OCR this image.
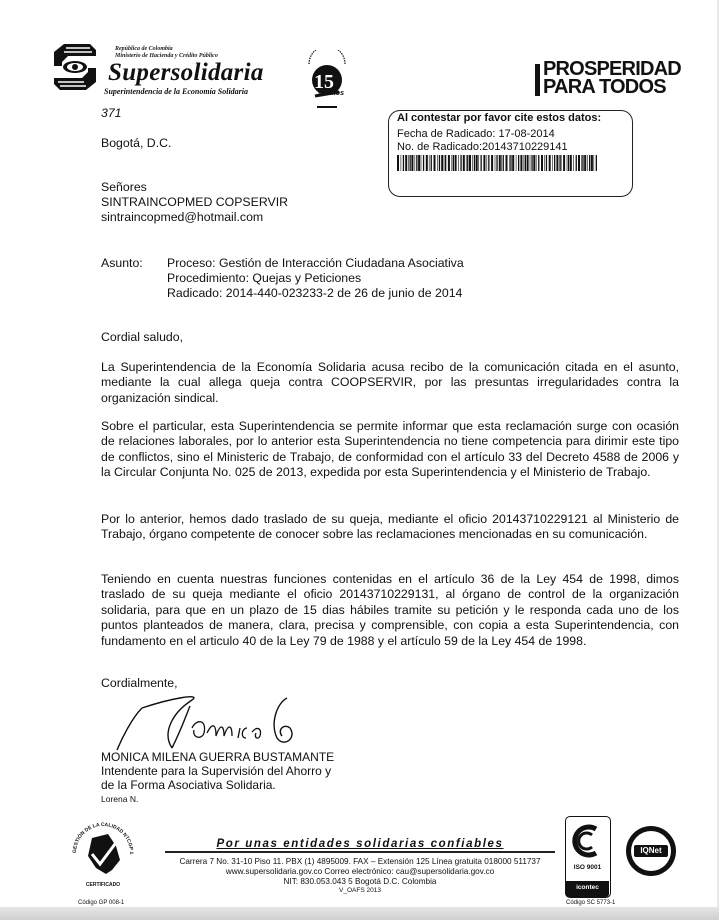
República de Colombia
Ministerio de Hacienda y Crédito Público
Supersolidaria
Superintendencia de la Economía Solidaria	15
15 Años
371
PROSPERIDAD
PARA TODOS
Al contestar por favor cite estos datos:
Fecha de Radicado: 17-08-2014
No. de Radicado:20143710229141
Bogotá, D.C.
Señores
SINTRAINCOPMED COPSERVIR
sintraincopmed@hotmail.com
Asunto: Proceso: Gestión de Interacción Ciudadana Asociativa
Procedimiento: Quejas y Peticiones
Radicado: 2014-440-023233-2 de 26 de junio de 2014
Cordial saludo,
La Superintendencia de la Economía Solidaria acusa recibo de la comunicación citada en el asunto, mediante la cual allega queja contra COOPSERVIR, por las presuntas irregularidades contra la organización sindical.
Sobre el particular, esta Superintendencia se permite informar que esta reclamación surge con ocasión de relaciones laborales, por lo anterior esta Superintendencia no tiene competencia para dirimir este tipo de conflictos, sino el Ministeric de Trabajo, de conformidad con el artículo 33 del Decreto 4588 de 2006 y la Circular Conjunta No. 025 de 2013, expedida por esta Superintendencia y el Ministerio de Trabajo.
Por lo anterior, hemos dado traslado de su queja, mediante el oficio 20143710229121 al Ministerio de Trabajo, órgano competente de conocer sobre las reclamaciones mencionadas en su comunicación.
Teniendo en cuenta nuestras funciones contenidas en el artículo 36 de la Ley 454 de 1998, dimos traslado de su queja mediante el oficio 20143710229131, al órgano de control de la organización solidaria, para que en un plazo de 15 dias hábiles tramite su petición y le responda cada uno de los puntos planteados de manera, clara, precisa y comprensible, con copia a esta Superintendencia, con fundamento en el articulo 40 de la Ley 79 de 1988 y el artículo 59 de la Ley 454 de 1998.
Cordialmente,
MONICA MILENA GUERRA BUSTAMANTE
Intendente para la Supervisión del Ahorro y
de la Forma Asociativa Solidaria.
Lorena N.
GESTIÓN DE LA CALIDAD NTCGP 1
CERTIFICADO
Código GP 008-1
Por unas entidades solidarias confiables
Carrera 7 No. 31-10 Piso 11. PBX (1) 4895009. FAX – Extensión 125 Línea gratuita 018000 511737
www.supersolidaria.gov.co Correo electrónico: cau@supersolidaria.gov.co
NIT: 830.053.043 5 Bogotá D.C. Colombia
V_OAFS 2013
ISO 9001
icontec
IQNet
Código SC 5773-1
